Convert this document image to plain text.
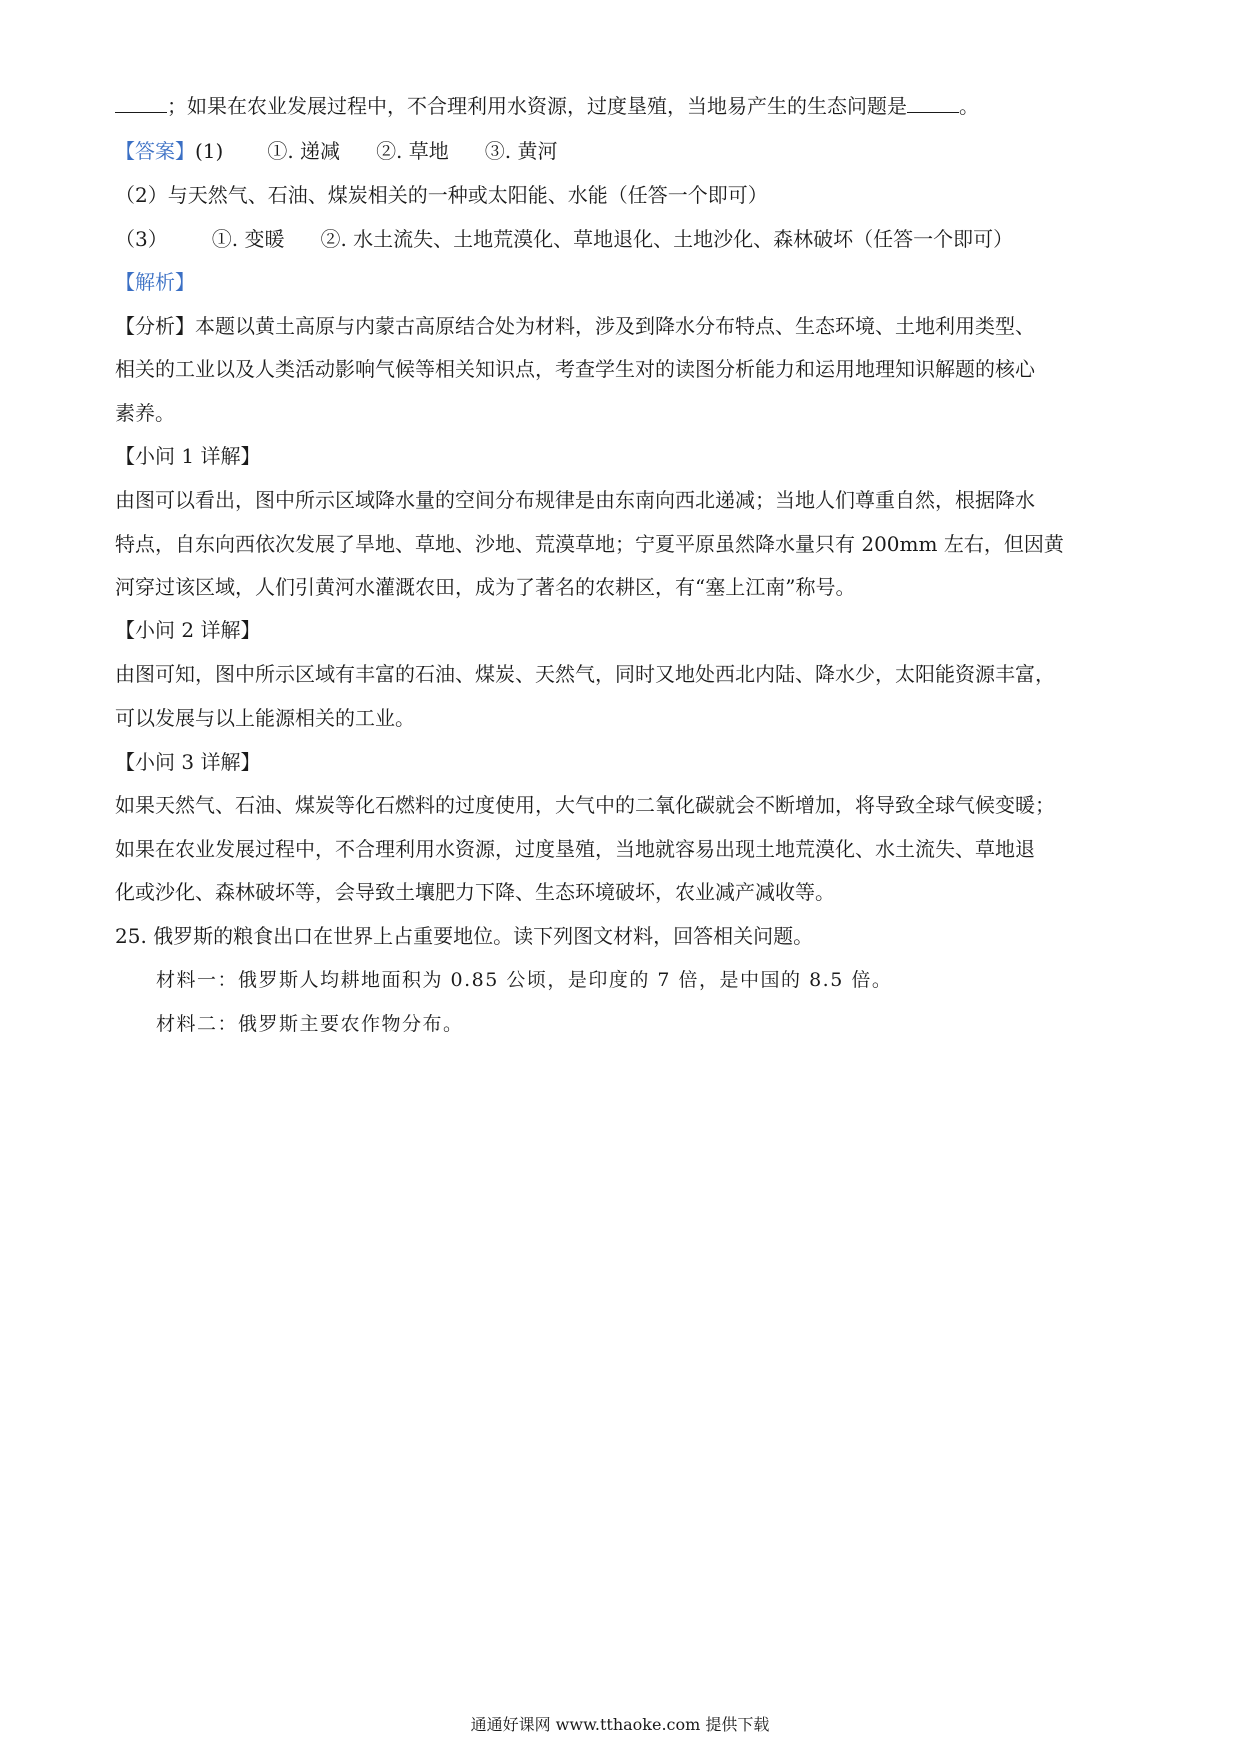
；如果在农业发展过程中，不合理利用水资源，过度垦殖，当地易产生的生态问题是	。
【答案】(1) ①. 递减 ②. 草地 ③. 黄河
（2）与天然气、石油、煤炭相关的一种或太阳能、水能（任答一个即可）
（3） ①. 变暖 ②. 水土流失、土地荒漠化、草地退化、土地沙化、森林破坏（任答一个即可）
【解析】
【分析】本题以黄土高原与内蒙古高原结合处为材料，涉及到降水分布特点、生态环境、土地利用类型、
相关的工业以及人类活动影响气候等相关知识点，考查学生对的读图分析能力和运用地理知识解题的核心
素养。
【小问 1 详解】
由图可以看出，图中所示区域降水量的空间分布规律是由东南向西北递减；当地人们尊重自然，根据降水
特点，自东向西依次发展了旱地、草地、沙地、荒漠草地；宁夏平原虽然降水量只有 200mm 左右，但因黄
河穿过该区域，人们引黄河水灌溉农田，成为了著名的农耕区，有“塞上江南”称号。
【小问 2 详解】
由图可知，图中所示区域有丰富的石油、煤炭、天然气，同时又地处西北内陆、降水少，太阳能资源丰富，
可以发展与以上能源相关的工业。
【小问 3 详解】
如果天然气、石油、煤炭等化石燃料的过度使用，大气中的二氧化碳就会不断增加，将导致全球气候变暖；
如果在农业发展过程中，不合理利用水资源，过度垦殖，当地就容易出现土地荒漠化、水土流失、草地退
化或沙化、森林破坏等，会导致土壤肥力下降、生态环境破坏，农业减产减收等。
25. 俄罗斯的粮食出口在世界上占重要地位。读下列图文材料，回答相关问题。
材料一：俄罗斯人均耕地面积为 0.85 公顷，是印度的 7 倍，是中国的 8.5 倍。
材料二：俄罗斯主要农作物分布。
通通好课网 www.tthaoke.com 提供下载
